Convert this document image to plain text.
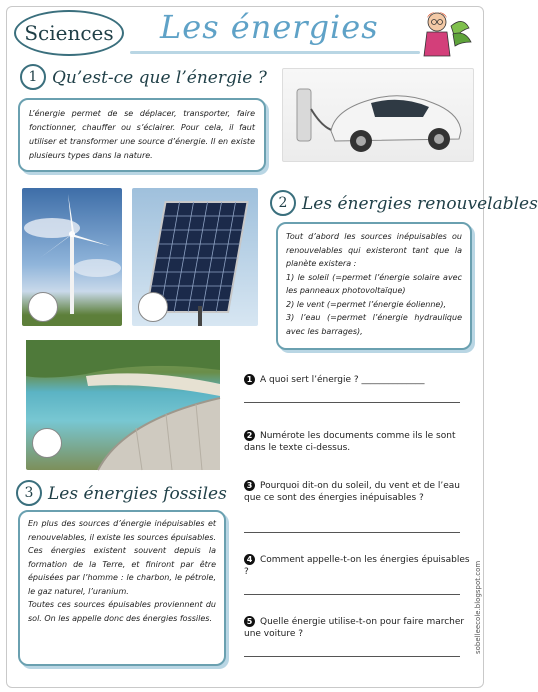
Sciences	Les énergies
1 Qu’est-ce que l’énergie ?
L’énergie permet de se déplacer, transporter, faire fonctionner, chauffer ou s’éclairer. Pour cela, il faut utiliser et transformer une source d’énergie. Il en existe plusieurs types dans la nature.
2 Les énergies renouvelables
Tout d’abord les sources inépuisables ou renouvelables qui existeront tant que la planète existera :
1) le soleil (=permet l’énergie solaire avec les panneaux photovoltaïque)
2) le vent (=permet l’énergie éolienne),
3) l’eau (=permet l’énergie hydraulique avec les barrages),
3 Les énergies fossiles
En plus des sources d’énergie inépuisables et renouvelables, il existe les sources épuisables. Ces énergies existent souvent depuis la formation de la Terre, et finiront par être épuisées par l’homme : le charbon, le pétrole, le gaz naturel, l’uranium.
Toutes ces sources épuisables proviennent du sol. On les appelle donc des énergies fossiles.
1 A quoi sert l’énergie ? ______________
2 Numérote les documents comme ils le sont dans le texte ci-dessus.
3 Pourquoi dit-on du soleil, du vent et de l’eau que ce sont des énergies inépuisables ?
4 Comment appelle-t-on les énergies épuisables ?
5 Quelle énergie utilise-t-on pour faire marcher une voiture ?	sobelleecole.blogspot.com
